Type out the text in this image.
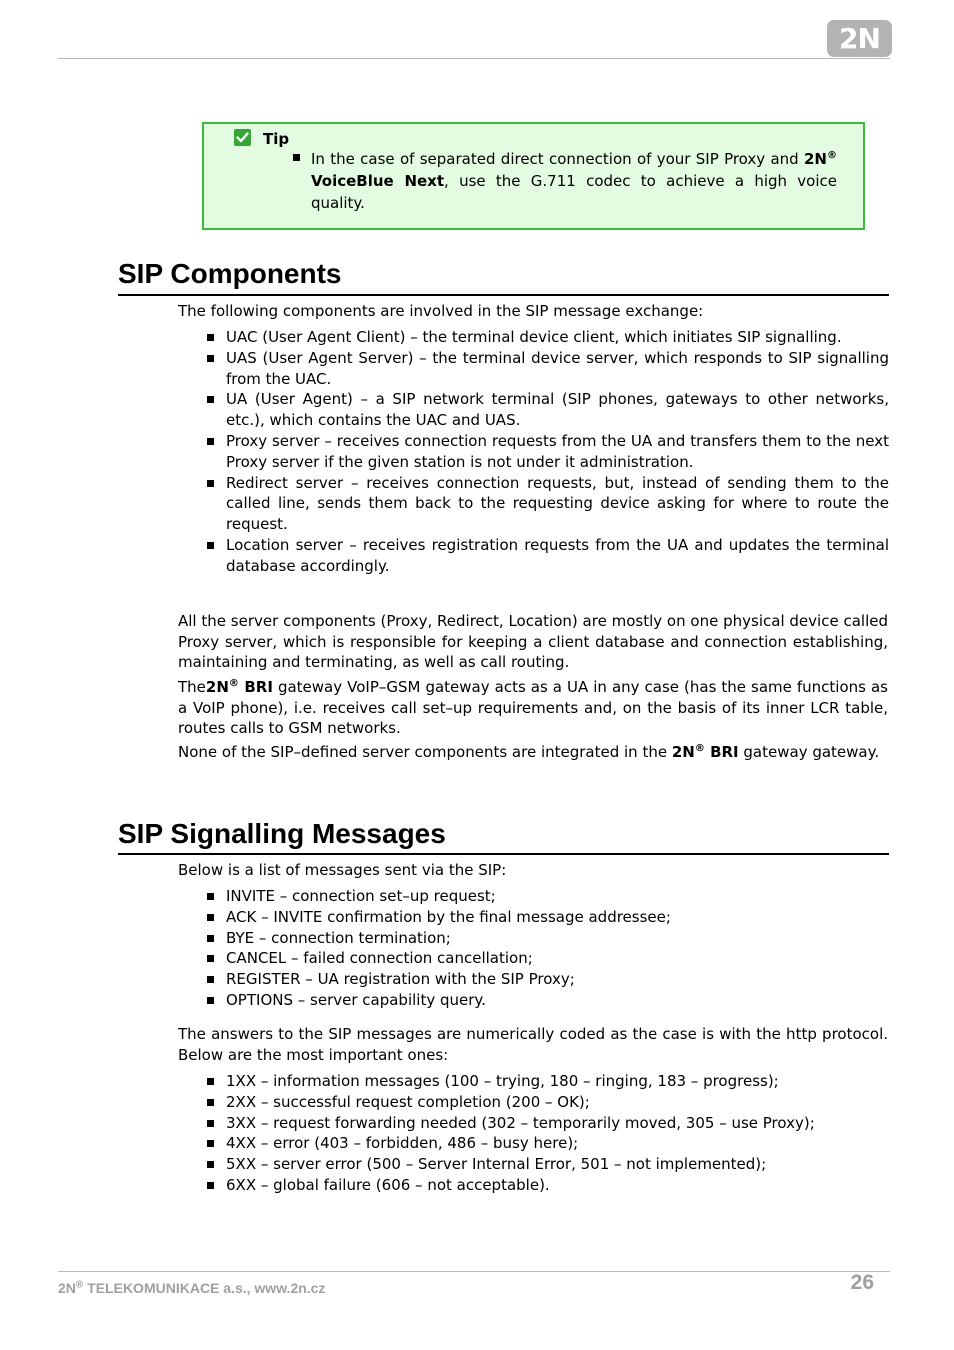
2N
Tip
In the case of separated direct connection of your SIP Proxy and 2N® VoiceBlue Next, use the G.711 codec to achieve a high voice quality.
SIP Components
The following components are involved in the SIP message exchange:
UAC (User Agent Client) – the terminal device client, which initiates SIP signalling.
UAS (User Agent Server) – the terminal device server, which responds to SIP signalling from the UAC.
UA (User Agent) – a SIP network terminal (SIP phones, gateways to other networks, etc.), which contains the UAC and UAS.
Proxy server – receives connection requests from the UA and transfers them to the next Proxy server if the given station is not under it administration.
Redirect server – receives connection requests, but, instead of sending them to the called line, sends them back to the requesting device asking for where to route the request.
Location server – receives registration requests from the UA and updates the terminal database accordingly.
All the server components (Proxy, Redirect, Location) are mostly on one physical device called Proxy server, which is responsible for keeping a client database and connection establishing, maintaining and terminating, as well as call routing.
The2N® BRI gateway VoIP–GSM gateway acts as a UA in any case (has the same functions as a VoIP phone), i.e. receives call set–up requirements and, on the basis of its inner LCR table, routes calls to GSM networks.
None of the SIP–defined server components are integrated in the 2N® BRI gateway gateway.
SIP Signalling Messages
Below is a list of messages sent via the SIP:
INVITE – connection set–up request;
ACK – INVITE confirmation by the final message addressee;
BYE – connection termination;
CANCEL – failed connection cancellation;
REGISTER – UA registration with the SIP Proxy;
OPTIONS – server capability query.
The answers to the SIP messages are numerically coded as the case is with the http protocol. Below are the most important ones:
1XX – information messages (100 – trying, 180 – ringing, 183 – progress);
2XX – successful request completion (200 – OK);
3XX – request forwarding needed (302 – temporarily moved, 305 – use Proxy);
4XX – error (403 – forbidden, 486 – busy here);
5XX – server error (500 – Server Internal Error, 501 – not implemented);
6XX – global failure (606 – not acceptable).
2N® TELEKOMUNIKACE a.s., www.2n.cz	26
